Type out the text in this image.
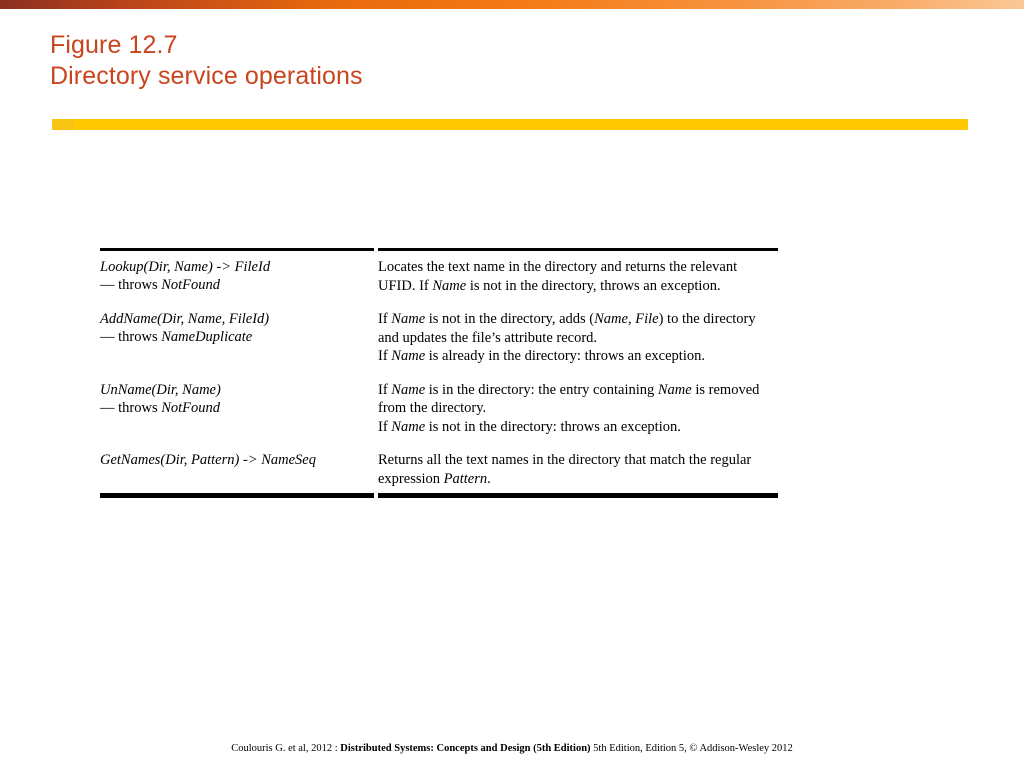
Figure 12.7
Directory service operations
Lookup(Dir, Name) -> FileId
— throws NotFound
Locates the text name in the directory and returns the relevant UFID. If Name is not in the directory, throws an exception.
AddName(Dir, Name, FileId)
— throws NameDuplicate
If Name is not in the directory, adds (Name, File) to the directory and updates the file’s attribute record.
If Name is already in the directory: throws an exception.
UnName(Dir, Name)
— throws NotFound
If Name is in the directory: the entry containing Name is removed from the directory.
If Name is not in the directory: throws an exception.
GetNames(Dir, Pattern) -> NameSeq	Returns all the text names in the directory that match the regular expression Pattern.
Coulouris G. et al, 2012 : Distributed Systems: Concepts and Design (5th Edition) 5th Edition, Edition 5, © Addison-Wesley 2012
